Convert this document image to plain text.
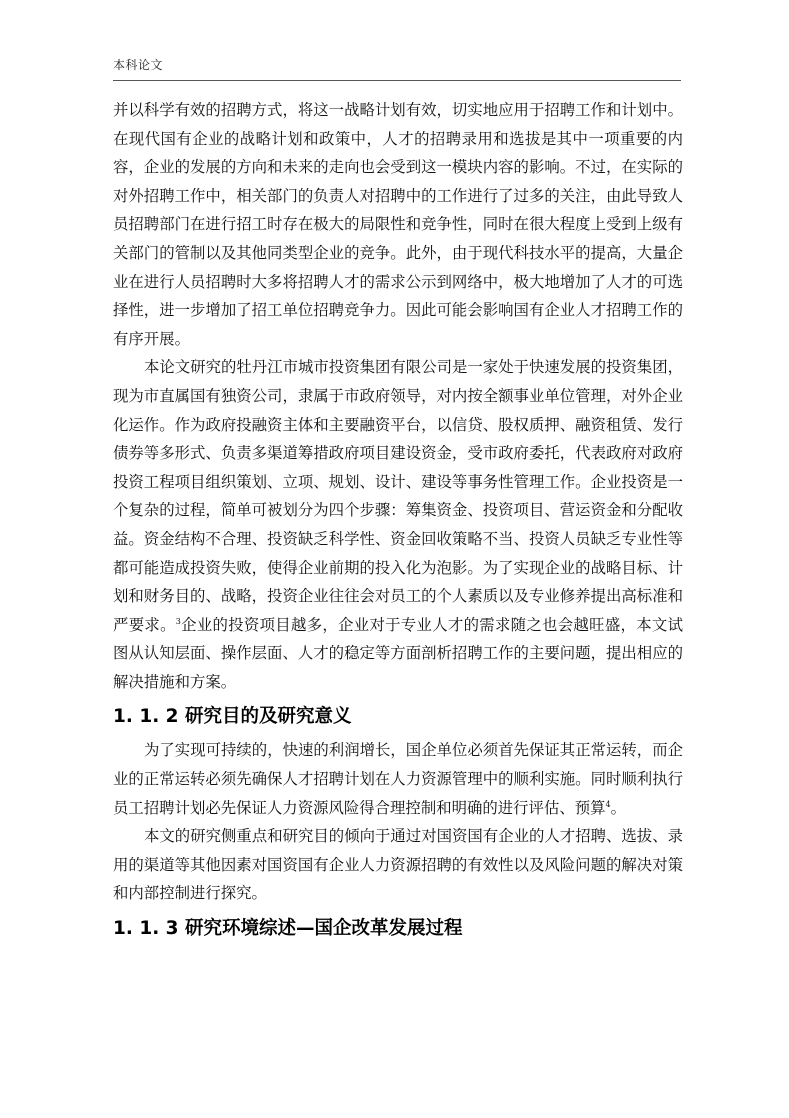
本科论文

并以科学有效的招聘方式，将这一战略计划有效，切实地应用于招聘工作和计划中。 在现代国有企业的战略计划和政策中，人才的招聘录用和选拔是其中一项重要的内容，企业的发展的方向和未来的走向也会受到这一模块内容的影响。不过，在实际的对外招聘工作中，相关部门的负责人对招聘中的工作进行了过多的关注，由此导致人员招聘部门在进行招工时存在极大的局限性和竞争性，同时在很大程度上受到上级有关部门的管制以及其他同类型企业的竞争。此外，由于现代科技水平的提高，大量企业在进行人员招聘时大多将招聘人才的需求公示到网络中，极大地增加了人才的可选择性，进一步增加了招工单位招聘竞争力。因此可能会影响国有企业人才招聘工作的有序开展。

本论文研究的牡丹江市城市投资集团有限公司是一家处于快速发展的投资集团，现为市直属国有独资公司，隶属于市政府领导，对内按全额事业单位管理，对外企业化运作。作为政府投融资主体和主要融资平台，以信贷、股权质押、融资租赁、发行债券等多形式、负责多渠道筹措政府项目建设资金，受市政府委托，代表政府对政府投资工程项目组织策划、立项、规划、设计、建设等事务性管理工作。企业投资是一个复杂的过程，简单可被划分为四个步骤：筹集资金、投资项目、营运资金和分配收益。资金结构不合理、投资缺乏科学性、资金回收策略不当、投资人员缺乏专业性等都可能造成投资失败，使得企业前期的投入化为泡影。为了实现企业的战略目标、计划和财务目的、战略，投资企业往往会对员工的个人素质以及专业修养提出高标准和严要求。$^3$企业的投资项目越多，企业对于专业人才的需求随之也会越旺盛，本文试图从认知层面、操作层面、人才的稳定等方面剖析招聘工作的主要问题，提出相应的解决措施和方案。

1. 1. 2 研究目的及研究意义

为了实现可持续的，快速的利润增长，国企单位必须首先保证其正常运转，而企业的正常运转必须先确保人才招聘计划在人力资源管理中的顺利实施。同时顺利执行员工招聘计划必先保证人力资源风险得合理控制和明确的进行评估、预算$^4$。

本文的研究侧重点和研究目的倾向于通过对国资国有企业的人才招聘、选拔、录用的渠道等其他因素对国资国有企业人力资源招聘的有效性以及风险问题的解决对策和内部控制进行探究。

1. 1. 3 研究环境综述—国企改革发展过程
